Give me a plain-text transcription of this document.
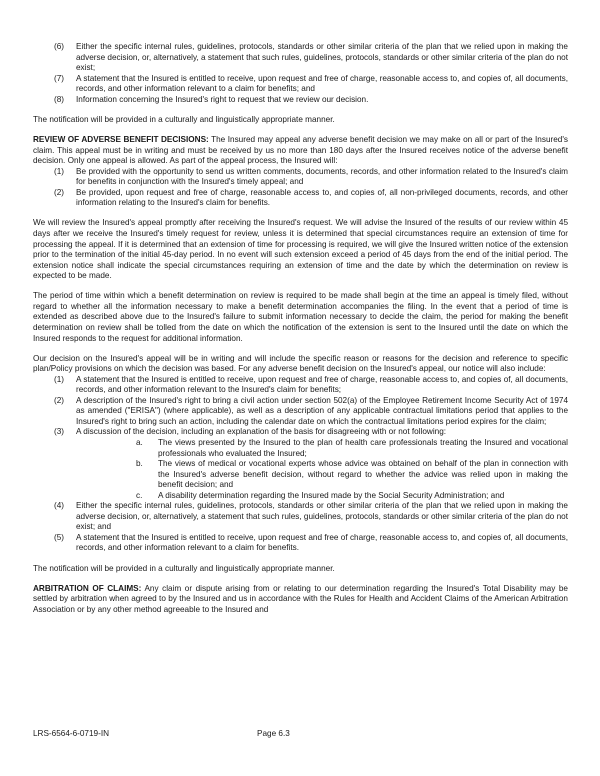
(6)	Either the specific internal rules, guidelines, protocols, standards or other similar criteria of the plan that we relied upon in making the adverse decision, or, alternatively, a statement that such rules, guidelines, protocols, standards or other similar criteria of the plan do not exist;
(7)	A statement that the Insured is entitled to receive, upon request and free of charge, reasonable access to, and copies of, all documents, records, and other information relevant to a claim for benefits; and
(8)	Information concerning the Insured's right to request that we review our decision.

The notification will be provided in a culturally and linguistically appropriate manner.

REVIEW OF ADVERSE BENEFIT DECISIONS: The Insured may appeal any adverse benefit decision we may make on all or part of the Insured's claim. This appeal must be in writing and must be received by us no more than 180 days after the Insured receives notice of the adverse benefit decision. Only one appeal is allowed. As part of the appeal process, the Insured will:

(1)	Be provided with the opportunity to send us written comments, documents, records, and other information related to the Insured's claim for benefits in conjunction with the Insured's timely appeal; and
(2)	Be provided, upon request and free of charge, reasonable access to, and copies of, all non-privileged documents, records, and other information relating to the Insured's claim for benefits.

We will review the Insured's appeal promptly after receiving the Insured's request. We will advise the Insured of the results of our review within 45 days after we receive the Insured's timely request for review, unless it is determined that special circumstances require an extension of time for processing the appeal. If it is determined that an extension of time for processing is required, we will give the Insured written notice of the extension prior to the termination of the initial 45-day period. In no event will such extension exceed a period of 45 days from the end of the initial period. The extension notice shall indicate the special circumstances requiring an extension of time and the date by which the determination on review is expected to be made.

The period of time within which a benefit determination on review is required to be made shall begin at the time an appeal is timely filed, without regard to whether all the information necessary to make a benefit determination accompanies the filing. In the event that a period of time is extended as described above due to the Insured's failure to submit information necessary to decide the claim, the period for making the benefit determination on review shall be tolled from the date on which the notification of the extension is sent to the Insured until the date on which the Insured responds to the request for additional information.

Our decision on the Insured's appeal will be in writing and will include the specific reason or reasons for the decision and reference to specific plan/Policy provisions on which the decision was based. For any adverse benefit decision on the Insured's appeal, our notice will also include:

(1)	A statement that the Insured is entitled to receive, upon request and free of charge, reasonable access to, and copies of, all documents, records, and other information relevant to the Insured's claim for benefits;
(2)	A description of the Insured's right to bring a civil action under section 502(a) of the Employee Retirement Income Security Act of 1974 as amended ("ERISA") (where applicable), as well as a description of any applicable contractual limitations period that applies to the Insured's right to bring such an action, including the calendar date on which the contractual limitations period expires for the claim;
(3)	A discussion of the decision, including an explanation of the basis for disagreeing with or not following:
a.	The views presented by the Insured to the plan of health care professionals treating the Insured and vocational professionals who evaluated the Insured;
b.	The views of medical or vocational experts whose advice was obtained on behalf of the plan in connection with the Insured's adverse benefit decision, without regard to whether the advice was relied upon in making the benefit decision; and
c.	A disability determination regarding the Insured made by the Social Security Administration; and
(4)	Either the specific internal rules, guidelines, protocols, standards or other similar criteria of the plan that we relied upon in making the adverse decision, or, alternatively, a statement that such rules, guidelines, protocols, standards or other similar criteria of the plan do not exist; and
(5)	A statement that the Insured is entitled to receive, upon request and free of charge, reasonable access to, and copies of, all documents, records, and other information relevant to a claim for benefits.

The notification will be provided in a culturally and linguistically appropriate manner.

ARBITRATION OF CLAIMS: Any claim or dispute arising from or relating to our determination regarding the Insured's Total Disability may be settled by arbitration when agreed to by the Insured and us in accordance with the Rules for Health and Accident Claims of the American Arbitration Association or by any other method agreeable to the Insured and

LRS-6564-6-0719-IN	Page 6.3
